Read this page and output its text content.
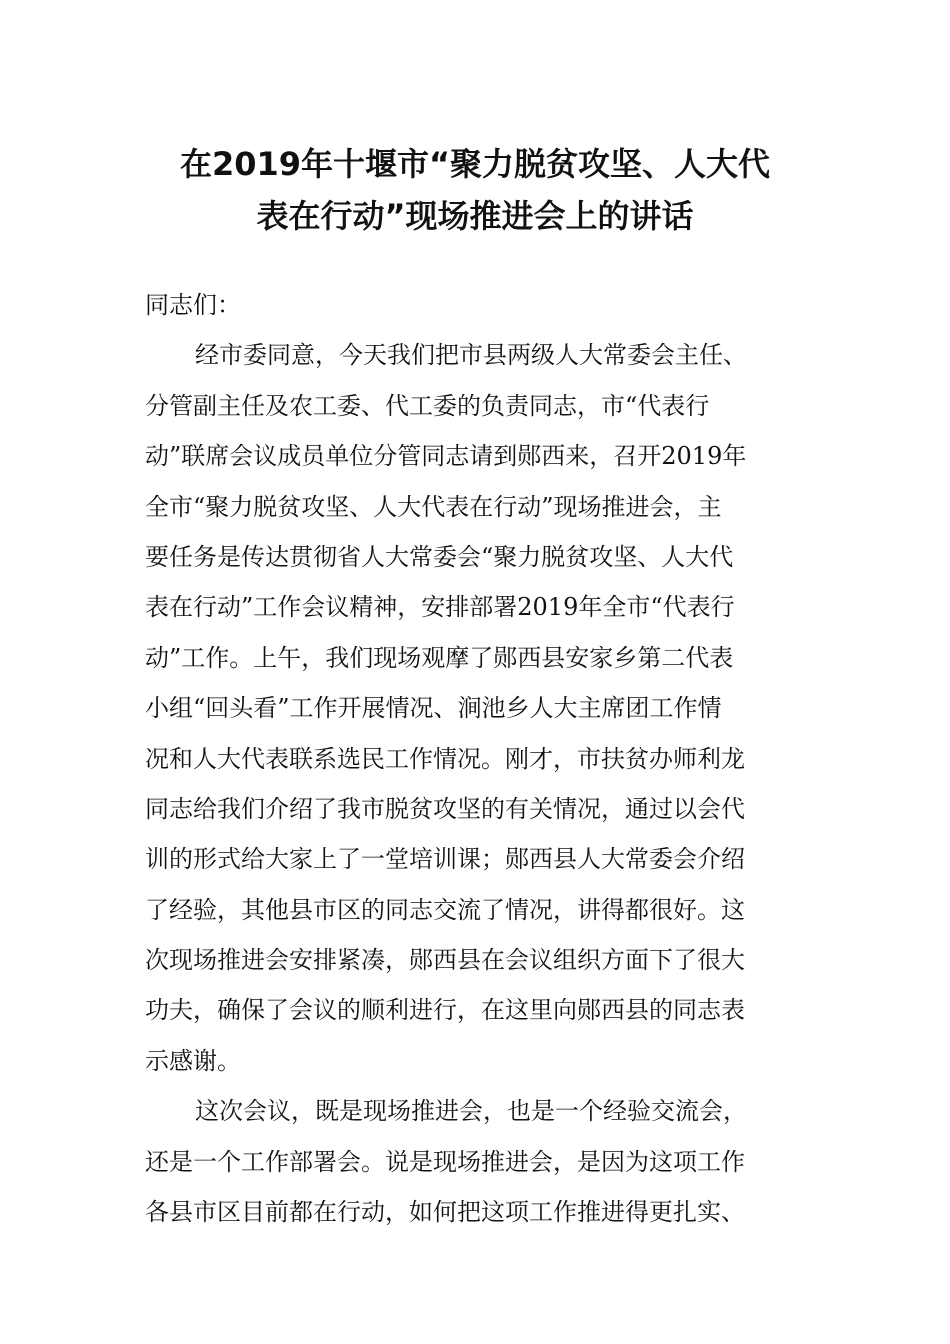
在2019年十堰市“聚力脱贫攻坚、人大代
表在行动”现场推进会上的讲话
同志们：
经市委同意，今天我们把市县两级人大常委会主任、
分管副主任及农工委、代工委的负责同志，市“代表行
动”联席会议成员单位分管同志请到郧西来，召开2019年
全市“聚力脱贫攻坚、人大代表在行动”现场推进会，主
要任务是传达贯彻省人大常委会“聚力脱贫攻坚、人大代
表在行动”工作会议精神，安排部署2019年全市“代表行
动”工作。上午，我们现场观摩了郧西县安家乡第二代表
小组“回头看”工作开展情况、涧池乡人大主席团工作情
况和人大代表联系选民工作情况。刚才，市扶贫办师利龙
同志给我们介绍了我市脱贫攻坚的有关情况，通过以会代
训的形式给大家上了一堂培训课；郧西县人大常委会介绍
了经验，其他县市区的同志交流了情况，讲得都很好。这
次现场推进会安排紧凑，郧西县在会议组织方面下了很大
功夫，确保了会议的顺利进行，在这里向郧西县的同志表
示感谢。
这次会议，既是现场推进会，也是一个经验交流会，
还是一个工作部署会。说是现场推进会，是因为这项工作
各县市区目前都在行动，如何把这项工作推进得更扎实、
